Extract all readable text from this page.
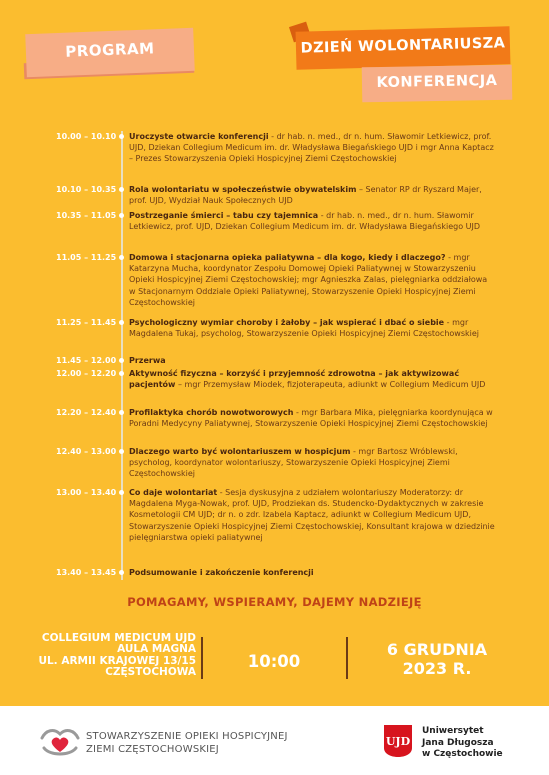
PROGRAM	DZIEŃ WOLONTARIUSZA
KONFERENCJA
10.00 – 10.10	Uroczyste otwarcie konferencji - dr hab. n. med., dr n. hum. Sławomir Letkiewicz, prof. UJD, Dziekan Collegium Medicum im. dr. Władysława Biegańskiego UJD i mgr Anna Kaptacz – Prezes Stowarzyszenia Opieki Hospicyjnej Ziemi Częstochowskiej
10.10 – 10.35	Rola wolontariatu w społeczeństwie obywatelskim – Senator RP dr Ryszard Majer, prof. UJD, Wydział Nauk Społecznych UJD
10.35 – 11.05	Postrzeganie śmierci – tabu czy tajemnica - dr hab. n. med., dr n. hum. Sławomir Letkiewicz, prof. UJD, Dziekan Collegium Medicum im. dr. Władysława Biegańskiego UJD
11.05 – 11.25	Domowa i stacjonarna opieka paliatywna – dla kogo, kiedy i dlaczego? - mgr Katarzyna Mucha, koordynator Zespołu Domowej Opieki Paliatywnej w Stowarzyszeniu Opieki Hospicyjnej Ziemi Częstochowskiej; mgr Agnieszka Zalas, pielęgniarka oddziałowa w Stacjonarnym Oddziale Opieki Paliatywnej, Stowarzyszenie Opieki Hospicyjnej Ziemi Częstochowskiej
11.25 – 11.45	Psychologiczny wymiar choroby i żałoby – jak wspierać i dbać o siebie - mgr Magdalena Tukaj, psycholog, Stowarzyszenie Opieki Hospicyjnej Ziemi Częstochowskiej
11.45 – 12.00	Przerwa
12.00 – 12.20	Aktywność fizyczna – korzyść i przyjemność zdrowotna – jak aktywizować pacjentów – mgr Przemysław Miodek, fizjoterapeuta, adiunkt w Collegium Medicum UJD
12.20 – 12.40	Profilaktyka chorób nowotworowych - mgr Barbara Mika, pielęgniarka koordynująca w Poradni Medycyny Paliatywnej, Stowarzyszenie Opieki Hospicyjnej Ziemi Częstochowskiej
12.40 – 13.00	Dlaczego warto być wolontariuszem w hospicjum - mgr Bartosz Wróblewski, psycholog, koordynator wolontariuszy, Stowarzyszenie Opieki Hospicyjnej Ziemi Częstochowskiej
13.00 – 13.40	Co daje wolontariat - Sesja dyskusyjna z udziałem wolontariuszy Moderatorzy: dr Magdalena Myga-Nowak, prof. UJD, Prodziekan ds. Studencko-Dydaktycznych w zakresie Kosmetologii CM UJD; dr n. o zdr. Izabela Kaptacz, adiunkt w Collegium Medicum UJD, Stowarzyszenie Opieki Hospicyjnej Ziemi Częstochowskiej, Konsultant krajowa w dziedzinie pielęgniarstwa opieki paliatywnej
13.40 – 13.45	Podsumowanie i zakończenie konferencji
POMAGAMY, WSPIERAMY, DAJEMY NADZIEJĘ
COLLEGIUM MEDICUM UJD
AULA MAGNA
UL. ARMII KRAJOWEJ 13/15
CZĘSTOCHOWA
10:00
6 GRUDNIA
2023 R.
STOWARZYSZENIE OPIEKI HOSPICYJNEJ
ZIEMI CZĘSTOCHOWSKIEJ
UJD
Uniwersytet
Jana Długosza
w Częstochowie
